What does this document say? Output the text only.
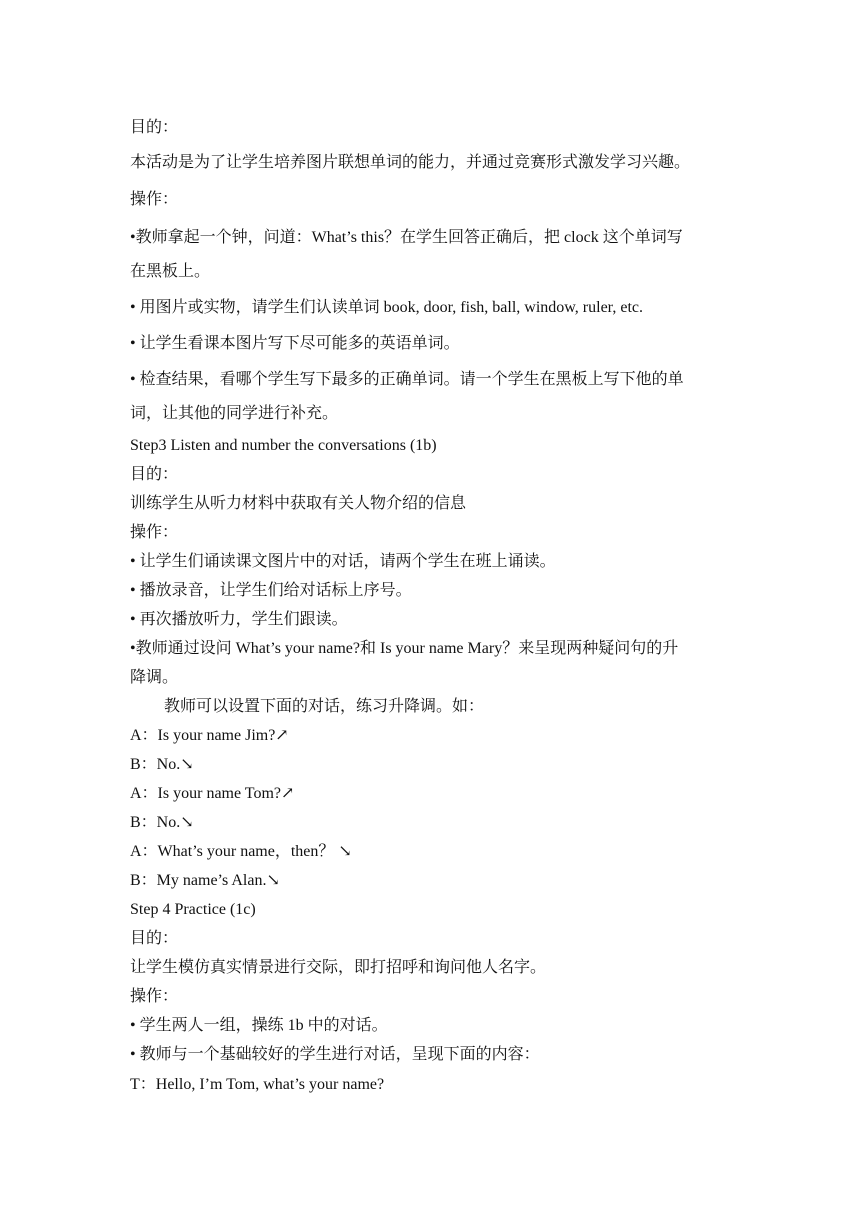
目的：
本活动是为了让学生培养图片联想单词的能力，并通过竞赛形式激发学习兴趣。
操作：
•教师拿起一个钟，问道：What’s this？在学生回答正确后，把 clock 这个单词写
在黑板上。
• 用图片或实物，请学生们认读单词 book, door, fish, ball, window, ruler, etc.
• 让学生看课本图片写下尽可能多的英语单词。
• 检查结果，看哪个学生写下最多的正确单词。请一个学生在黑板上写下他的单
词，让其他的同学进行补充。
Step3 Listen and number the conversations (1b)
目的：
训练学生从听力材料中获取有关人物介绍的信息
操作：
• 让学生们诵读课文图片中的对话，请两个学生在班上诵读。
• 播放录音，让学生们给对话标上序号。
• 再次播放听力，学生们跟读。
•教师通过设问 What’s your name?和 Is your name Mary？来呈现两种疑问句的升
降调。
教师可以设置下面的对话，练习升降调。如：
A：Is your name Jim?↗
B：No.↘
A：Is your name Tom?↗
B：No.↘
A：What’s your name，then？ ↘
B：My name’s Alan.↘
Step 4 Practice (1c)
目的：
让学生模仿真实情景进行交际，即打招呼和询问他人名字。
操作：
• 学生两人一组，操练 1b 中的对话。
• 教师与一个基础较好的学生进行对话，呈现下面的内容：
T：Hello, I’m Tom, what’s your name?
